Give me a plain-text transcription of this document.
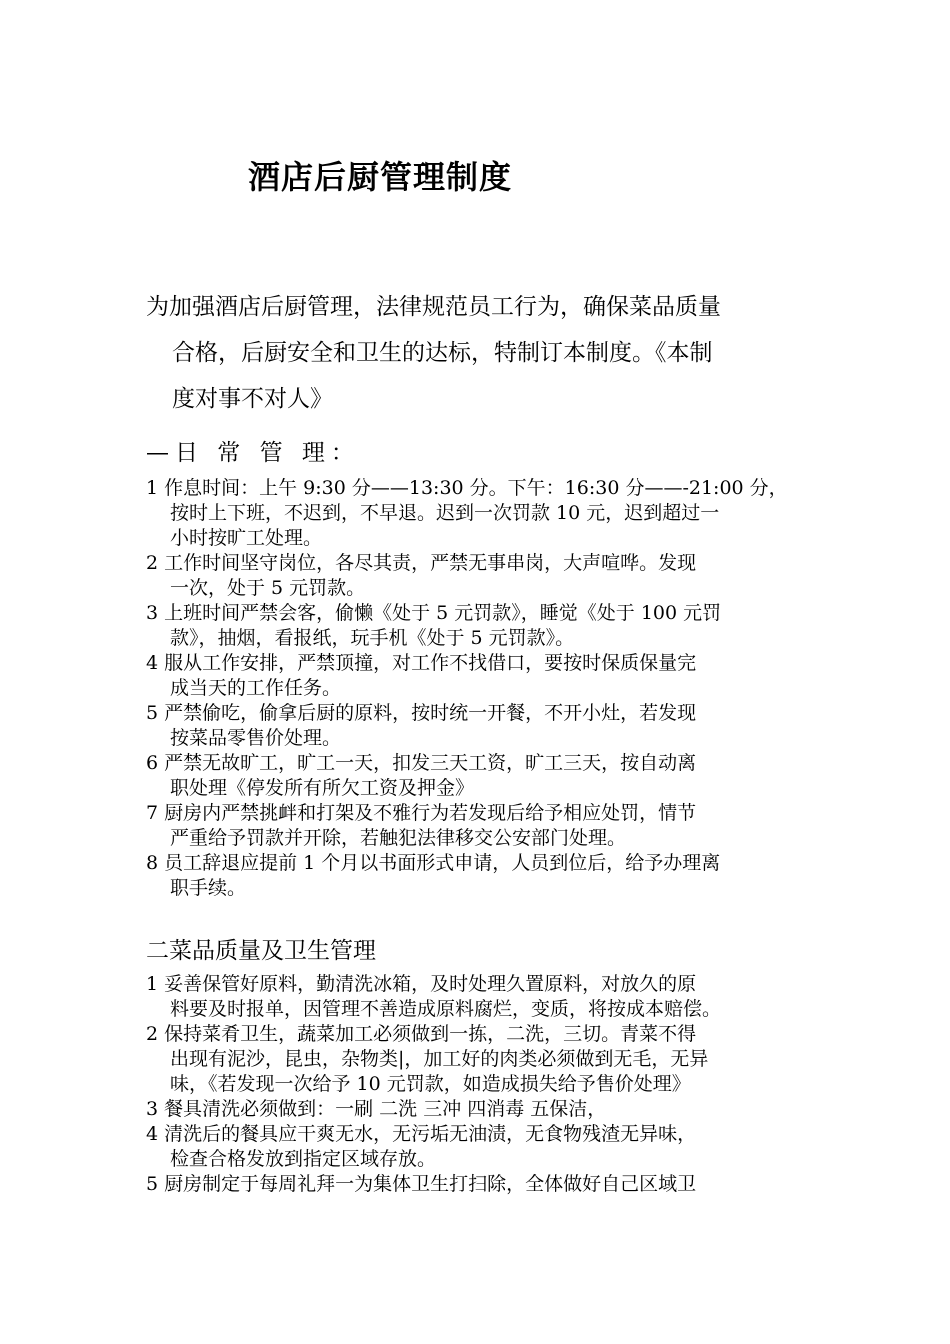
酒店后厨管理制度
为加强酒店后厨管理，法律规范员工行为，确保菜品质量
合格，后厨安全和卫生的达标，特制订本制度。《本制
度对事不对人》
—日 常 管 理：
1 作息时间：上午 9:30 分——13:30 分。下午：16:30 分——-21:00 分，
按时上下班，不迟到，不早退。迟到一次罚款 10 元，迟到超过一
小时按旷工处理。
2 工作时间坚守岗位，各尽其责，严禁无事串岗，大声喧哗。发现
一次，处于 5 元罚款。
3 上班时间严禁会客，偷懒《处于 5 元罚款》，睡觉《处于 100 元罚
款》，抽烟，看报纸，玩手机《处于 5 元罚款》。
4 服从工作安排，严禁顶撞，对工作不找借口，要按时保质保量完
成当天的工作任务。
5 严禁偷吃，偷拿后厨的原料，按时统一开餐，不开小灶，若发现
按菜品零售价处理。
6 严禁无故旷工，旷工一天，扣发三天工资，旷工三天，按自动离
职处理《停发所有所欠工资及押金》
7 厨房内严禁挑衅和打架及不雅行为若发现后给予相应处罚，情节
严重给予罚款并开除，若触犯法律移交公安部门处理。
8 员工辞退应提前 1 个月以书面形式申请，人员到位后，给予办理离
职手续。
二菜品质量及卫生管理
1 妥善保管好原料，勤清洗冰箱，及时处理久置原料，对放久的原
料要及时报单，因管理不善造成原料腐烂，变质，将按成本赔偿。
2 保持菜肴卫生，蔬菜加工必须做到一拣，二洗，三切。青菜不得
出现有泥沙，昆虫，杂物类|，加工好的肉类必须做到无毛，无异
味，《若发现一次给予 10 元罚款，如造成损失给予售价处理》
3 餐具清洗必须做到：一刷 二洗 三冲 四消毒 五保洁，
4 清洗后的餐具应干爽无水，无污垢无油渍，无食物残渣无异味，
检查合格发放到指定区域存放。
5 厨房制定于每周礼拜一为集体卫生打扫除，全体做好自己区域卫
